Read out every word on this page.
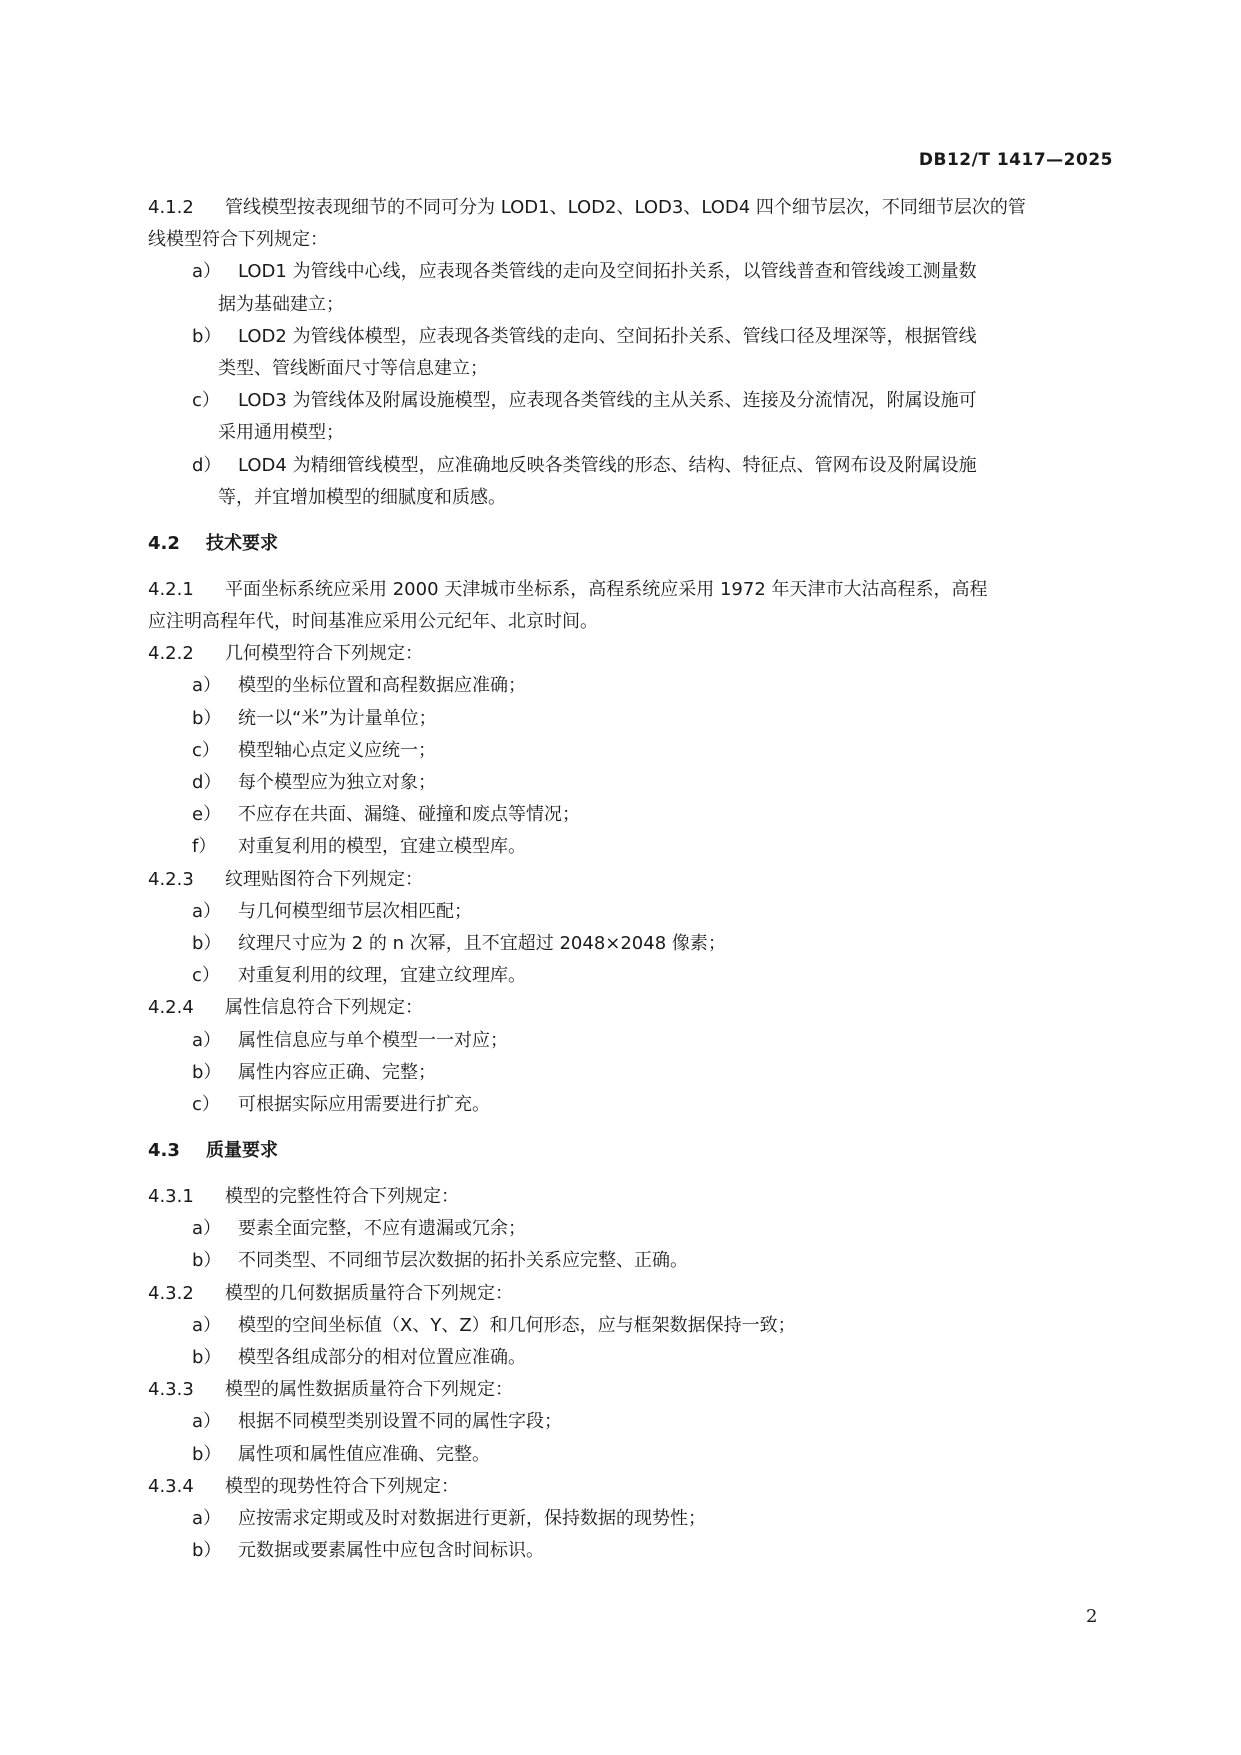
DB12/T 1417—2025
4.1.2 管线模型按表现细节的不同可分为 LOD1、LOD2、LOD3、LOD4 四个细节层次，不同细节层次的管
线模型符合下列规定：
a） LOD1 为管线中心线，应表现各类管线的走向及空间拓扑关系，以管线普查和管线竣工测量数
据为基础建立；
b） LOD2 为管线体模型，应表现各类管线的走向、空间拓扑关系、管线口径及埋深等，根据管线
类型、管线断面尺寸等信息建立；
c） LOD3 为管线体及附属设施模型，应表现各类管线的主从关系、连接及分流情况，附属设施可
采用通用模型；
d） LOD4 为精细管线模型，应准确地反映各类管线的形态、结构、特征点、管网布设及附属设施
等，并宜增加模型的细腻度和质感。
4.2 技术要求
4.2.1 平面坐标系统应采用 2000 天津城市坐标系，高程系统应采用 1972 年天津市大沽高程系，高程
应注明高程年代，时间基准应采用公元纪年、北京时间。
4.2.2 几何模型符合下列规定：
a） 模型的坐标位置和高程数据应准确；
b） 统一以“米”为计量单位；
c） 模型轴心点定义应统一；
d） 每个模型应为独立对象；
e） 不应存在共面、漏缝、碰撞和废点等情况；
f） 对重复利用的模型，宜建立模型库。
4.2.3 纹理贴图符合下列规定：
a） 与几何模型细节层次相匹配；
b） 纹理尺寸应为 2 的 n 次幂，且不宜超过 2048×2048 像素；
c） 对重复利用的纹理，宜建立纹理库。
4.2.4 属性信息符合下列规定：
a） 属性信息应与单个模型一一对应；
b） 属性内容应正确、完整；
c） 可根据实际应用需要进行扩充。
4.3 质量要求
4.3.1 模型的完整性符合下列规定：
a） 要素全面完整，不应有遗漏或冗余；
b） 不同类型、不同细节层次数据的拓扑关系应完整、正确。
4.3.2 模型的几何数据质量符合下列规定：
a） 模型的空间坐标值（X、Y、Z）和几何形态，应与框架数据保持一致；
b） 模型各组成部分的相对位置应准确。
4.3.3 模型的属性数据质量符合下列规定：
a） 根据不同模型类别设置不同的属性字段；
b） 属性项和属性值应准确、完整。
4.3.4 模型的现势性符合下列规定：
a） 应按需求定期或及时对数据进行更新，保持数据的现势性；
b） 元数据或要素属性中应包含时间标识。
2
